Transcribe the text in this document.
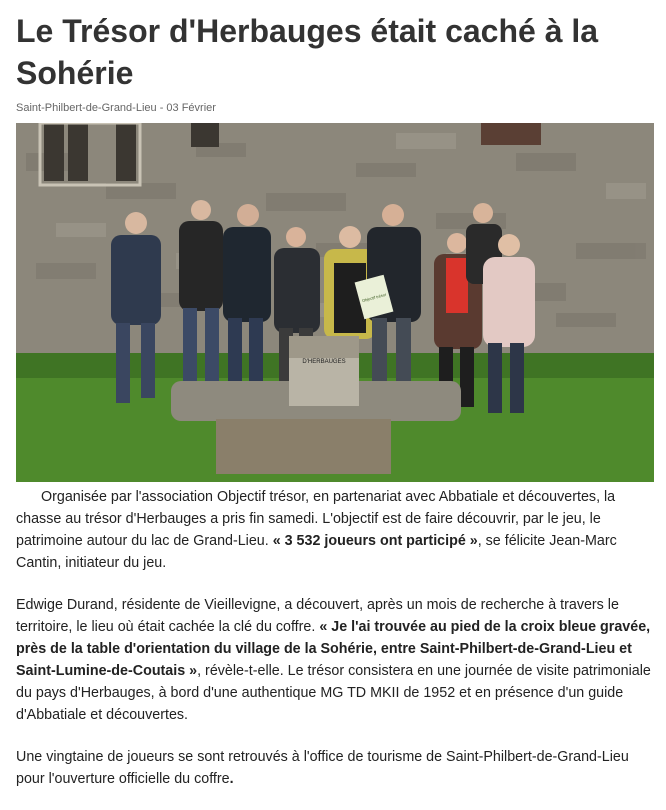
Le Trésor d'Herbauges était caché à la Sohérie
Saint-Philbert-de-Grand-Lieu - 03 Février
D'HERBAUGES
Objectif trésor

Organisée par l'association Objectif trésor, en partenariat avec Abbatiale et découvertes, la chasse au trésor d'Herbauges a pris fin samedi. L'objectif est de faire découvrir, par le jeu, le patrimoine autour du lac de Grand-Lieu. « 3 532 joueurs ont participé », se félicite Jean-Marc Cantin, initiateur du jeu.

Edwige Durand, résidente de Vieillevigne, a découvert, après un mois de recherche à travers le territoire, le lieu où était cachée la clé du coffre. « Je l'ai trouvée au pied de la croix bleue gravée, près de la table d'orientation du village de la Sohérie, entre Saint-Philbert-de-Grand-Lieu et Saint-Lumine-de-Coutais », révèle-t-elle. Le trésor consistera en une journée de visite patrimoniale du pays d'Herbauges, à bord d'une authentique MG TD MKII de 1952 et en présence d'un guide d'Abbatiale et découvertes.

Une vingtaine de joueurs se sont retrouvés à l'office de tourisme de Saint-Philbert-de-Grand-Lieu pour l'ouverture officielle du coffre.
